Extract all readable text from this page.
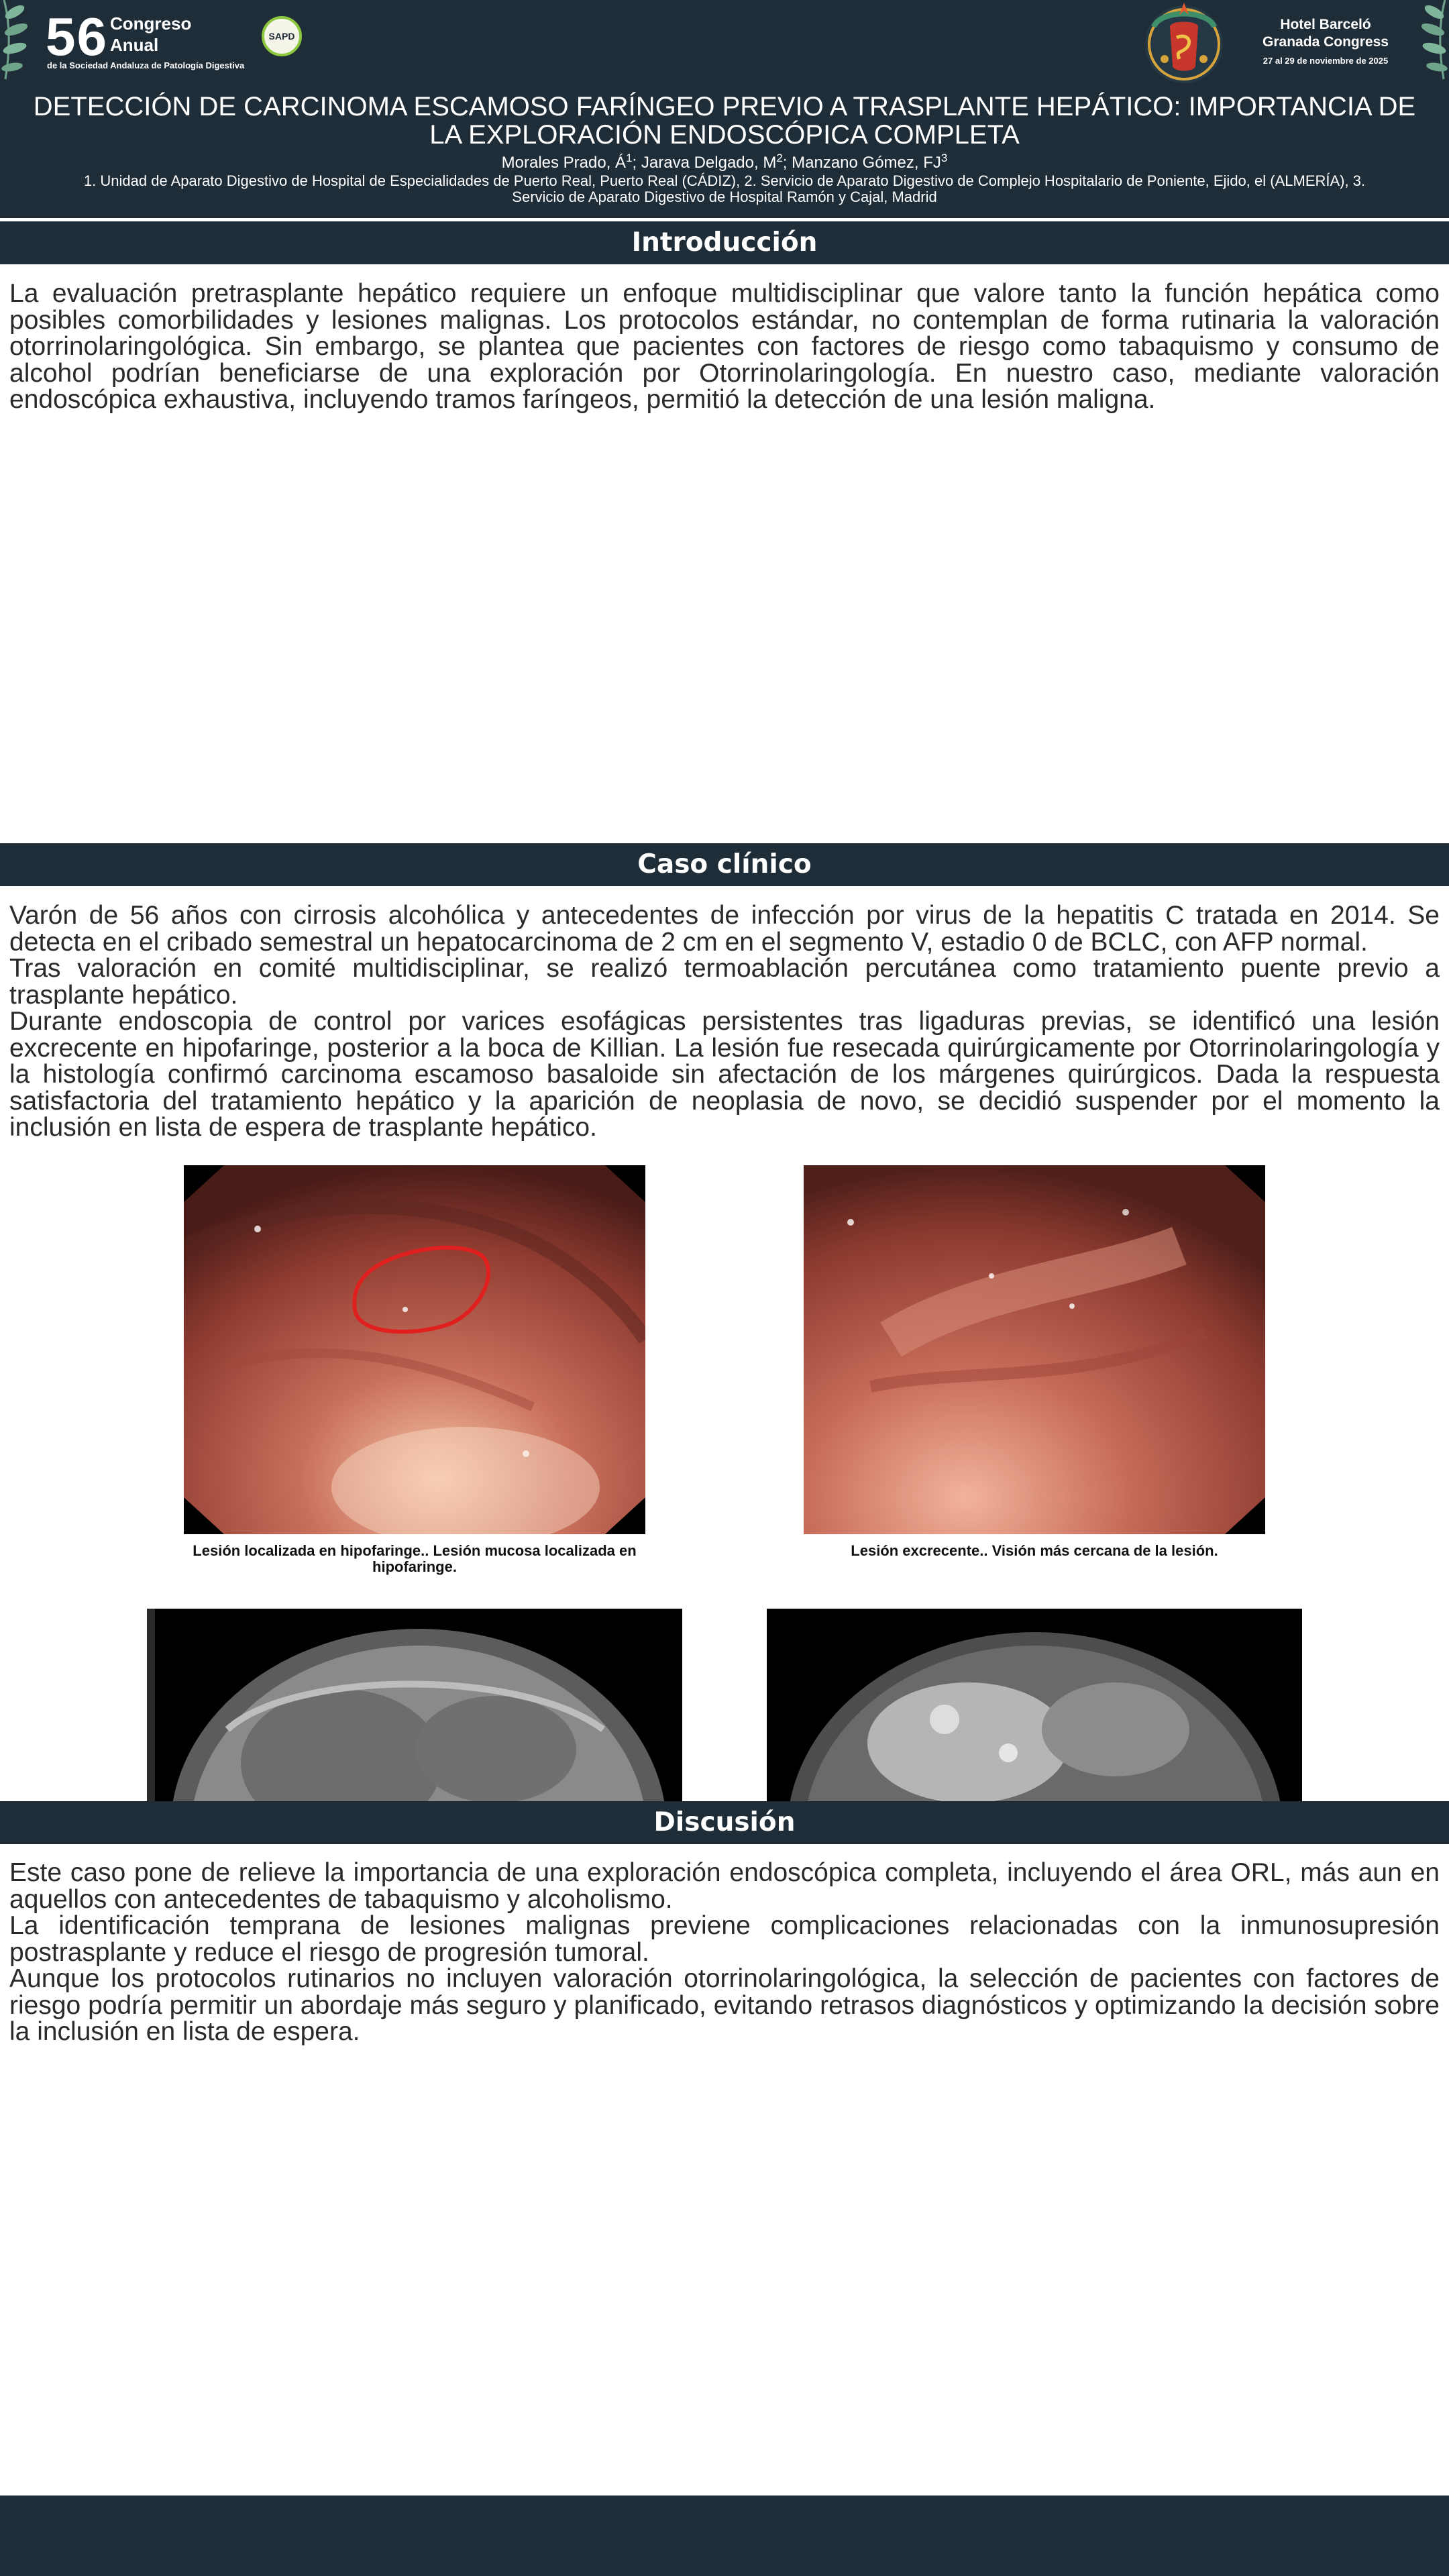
56 Congreso
Anual
de la Sociedad Andaluza de Patología Digestiva
SAPD
Hotel Barceló
Granada Congress
27 al 29 de noviembre de 2025
DETECCIÓN DE CARCINOMA ESCAMOSO FARÍNGEO PREVIO A TRASPLANTE HEPÁTICO: IMPORTANCIA DE LA EXPLORACIÓN ENDOSCÓPICA COMPLETA
Morales Prado, $Á^1$; Jarava Delgado, $M^2$; Manzano Gómez, $FJ^3$
1. Unidad de Aparato Digestivo de Hospital de Especialidades de Puerto Real, Puerto Real (CÁDIZ), 2. Servicio de Aparato Digestivo de Complejo Hospitalario de Poniente, Ejido, el (ALMERÍA), 3. Servicio de Aparato Digestivo de Hospital Ramón y Cajal, Madrid
Introducción

La evaluación pretrasplante hepático requiere un enfoque multidisciplinar que valore tanto la función hepática como posibles comorbilidades y lesiones malignas. Los protocolos estándar, no contemplan de forma rutinaria la valoración otorrinolaringológica. Sin embargo, se plantea que pacientes con factores de riesgo como tabaquismo y consumo de alcohol podrían beneficiarse de una exploración por Otorrinolaringología. En nuestro caso, mediante valoración endoscópica exhaustiva, incluyendo tramos faríngeos, permitió la detección de una lesión maligna.

Caso clínico

Varón de 56 años con cirrosis alcohólica y antecedentes de infección por virus de la hepatitis C tratada en 2014. Se detecta en el cribado semestral un hepatocarcinoma de 2 cm en el segmento V, estadio 0 de BCLC, con AFP normal.

Tras valoración en comité multidisciplinar, se realizó termoablación percutánea como tratamiento puente previo a trasplante hepático.

Durante endoscopia de control por varices esofágicas persistentes tras ligaduras previas, se identificó una lesión excrecente en hipofaringe, posterior a la boca de Killian. La lesión fue resecada quirúrgicamente por Otorrinolaringología y la histología confirmó carcinoma escamoso basaloide sin afectación de los márgenes quirúrgicos. Dada la respuesta satisfactoria del tratamiento hepático y la aparición de neoplasia de novo, se decidió suspender por el momento la inclusión en lista de espera de trasplante hepático.

Lesión localizada en hipofaringe.. Lesión mucosa localizada en hipofaringe.
Lesión excrecente.. Visión más cercana de la lesión.
Discusión

Este caso pone de relieve la importancia de una exploración endoscópica completa, incluyendo el área ORL, más aun en aquellos con antecedentes de tabaquismo y alcoholismo.

La identificación temprana de lesiones malignas previene complicaciones relacionadas con la inmunosupresión postrasplante y reduce el riesgo de progresión tumoral.

Aunque los protocolos rutinarios no incluyen valoración otorrinolaringológica, la selección de pacientes con factores de riesgo podría permitir un abordaje más seguro y planificado, evitando retrasos diagnósticos y optimizando la decisión sobre la inclusión en lista de espera.
